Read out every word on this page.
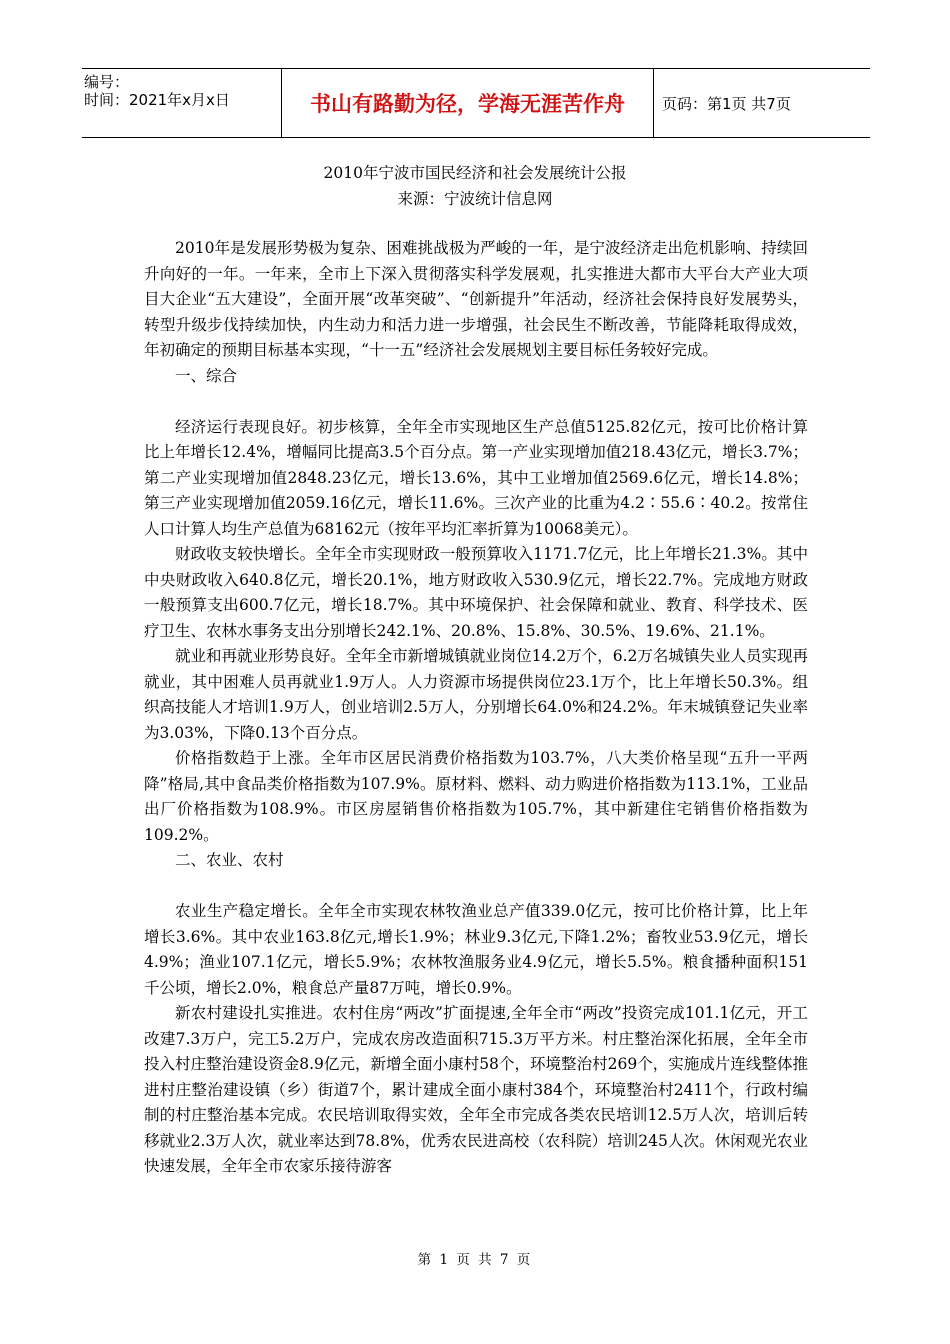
编号：
时间：2021年x月x日	书山有路勤为径，学海无涯苦作舟	页码：第1页 共7页
2010年宁波市国民经济和社会发展统计公报
来源：宁波统计信息网

2010年是发展形势极为复杂、困难挑战极为严峻的一年，是宁波经济走出危机影响、持续回升向好的一年。一年来，全市上下深入贯彻落实科学发展观，扎实推进大都市大平台大产业大项目大企业“五大建设”，全面开展“改革突破”、“创新提升”年活动，经济社会保持良好发展势头，转型升级步伐持续加快，内生动力和活力进一步增强，社会民生不断改善，节能降耗取得成效，年初确定的预期目标基本实现，“十一五”经济社会发展规划主要目标任务较好完成。

一、综合

经济运行表现良好。初步核算，全年全市实现地区生产总值5125.82亿元，按可比价格计算比上年增长12.4%，增幅同比提高3.5个百分点。第一产业实现增加值218.43亿元，增长3.7%；第二产业实现增加值2848.23亿元，增长13.6%，其中工业增加值2569.6亿元，增长14.8%；第三产业实现增加值2059.16亿元，增长11.6%。三次产业的比重为4.2∶55.6∶40.2。按常住人口计算人均生产总值为68162元（按年平均汇率折算为10068美元）。

财政收支较快增长。全年全市实现财政一般预算收入1171.7亿元，比上年增长21.3%。其中中央财政收入640.8亿元，增长20.1%，地方财政收入530.9亿元，增长22.7%。完成地方财政一般预算支出600.7亿元，增长18.7%。其中环境保护、社会保障和就业、教育、科学技术、医疗卫生、农林水事务支出分别增长242.1%、20.8%、15.8%、30.5%、19.6%、21.1%。

就业和再就业形势良好。全年全市新增城镇就业岗位14.2万个，6.2万名城镇失业人员实现再就业，其中困难人员再就业1.9万人。人力资源市场提供岗位23.1万个，比上年增长50.3%。组织高技能人才培训1.9万人，创业培训2.5万人，分别增长64.0%和24.2%。年末城镇登记失业率为3.03%，下降0.13个百分点。

价格指数趋于上涨。全年市区居民消费价格指数为103.7%，八大类价格呈现“五升一平两降”格局,其中食品类价格指数为107.9%。原材料、燃料、动力购进价格指数为113.1%，工业品出厂价格指数为108.9%。市区房屋销售价格指数为105.7%，其中新建住宅销售价格指数为109.2%。

二、农业、农村

农业生产稳定增长。全年全市实现农林牧渔业总产值339.0亿元，按可比价格计算，比上年增长3.6%。其中农业163.8亿元,增长1.9%；林业9.3亿元,下降1.2%；畜牧业53.9亿元，增长4.9%；渔业107.1亿元，增长5.9%；农林牧渔服务业4.9亿元，增长5.5%。粮食播种面积151千公顷，增长2.0%，粮食总产量87万吨，增长0.9%。

新农村建设扎实推进。农村住房“两改”扩面提速,全年全市“两改”投资完成101.1亿元，开工改建7.3万户，完工5.2万户，完成农房改造面积715.3万平方米。村庄整治深化拓展，全年全市投入村庄整治建设资金8.9亿元，新增全面小康村58个，环境整治村269个，实施成片连线整体推进村庄整治建设镇（乡）街道7个，累计建成全面小康村384个，环境整治村2411个，行政村编制的村庄整治基本完成。农民培训取得实效，全年全市完成各类农民培训12.5万人次，培训后转移就业2.3万人次，就业率达到78.8%，优秀农民进高校（农科院）培训245人次。休闲观光农业快速发展，全年全市农家乐接待游客

第 1 页 共 7 页
